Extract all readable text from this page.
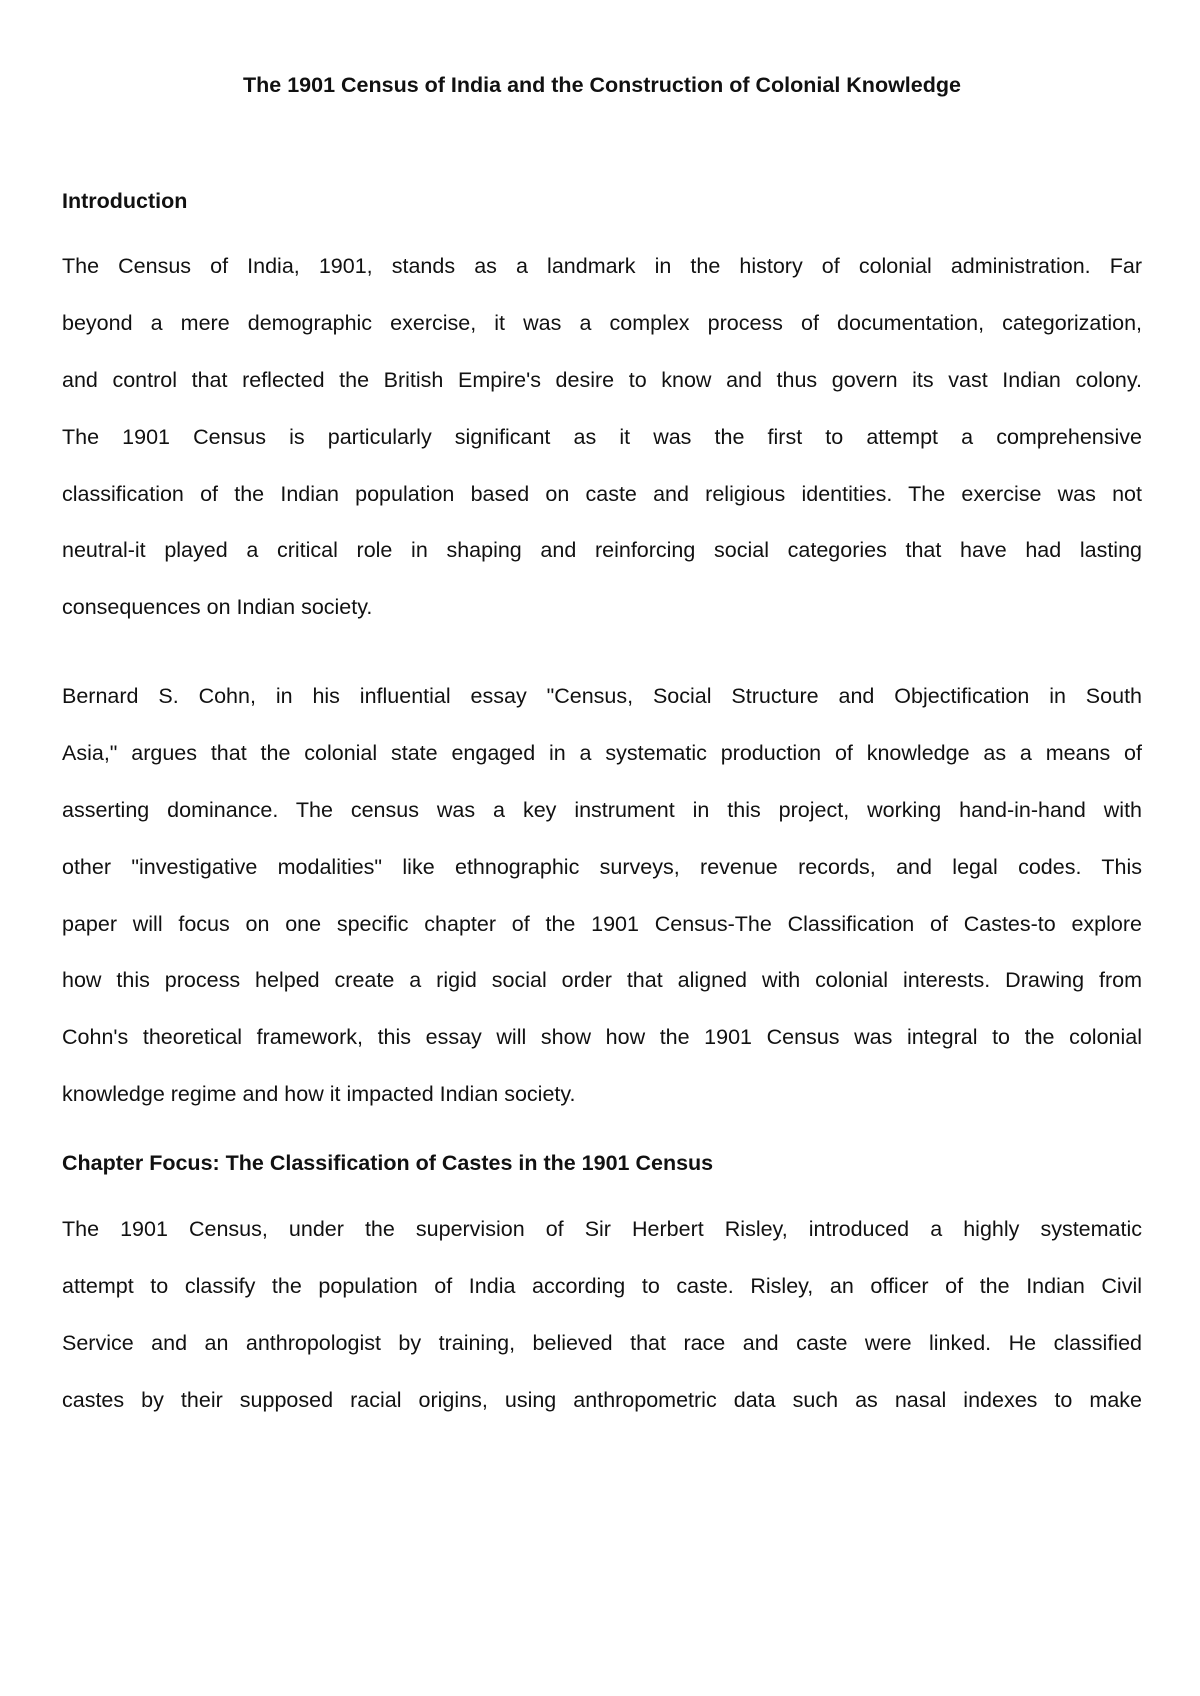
The 1901 Census of India and the Construction of Colonial Knowledge
Introduction
The Census of India, 1901, stands as a landmark in the history of colonial administration. Far
beyond a mere demographic exercise, it was a complex process of documentation, categorization,
and control that reflected the British Empire's desire to know and thus govern its vast Indian colony.
The 1901 Census is particularly significant as it was the first to attempt a comprehensive
classification of the Indian population based on caste and religious identities. The exercise was not
neutral-it played a critical role in shaping and reinforcing social categories that have had lasting
consequences on Indian society.
Bernard S. Cohn, in his influential essay "Census, Social Structure and Objectification in South
Asia," argues that the colonial state engaged in a systematic production of knowledge as a means of
asserting dominance. The census was a key instrument in this project, working hand-in-hand with
other "investigative modalities" like ethnographic surveys, revenue records, and legal codes. This
paper will focus on one specific chapter of the 1901 Census-The Classification of Castes-to explore
how this process helped create a rigid social order that aligned with colonial interests. Drawing from
Cohn's theoretical framework, this essay will show how the 1901 Census was integral to the colonial
knowledge regime and how it impacted Indian society.
Chapter Focus: The Classification of Castes in the 1901 Census
The 1901 Census, under the supervision of Sir Herbert Risley, introduced a highly systematic
attempt to classify the population of India according to caste. Risley, an officer of the Indian Civil
Service and an anthropologist by training, believed that race and caste were linked. He classified
castes by their supposed racial origins, using anthropometric data such as nasal indexes to make
